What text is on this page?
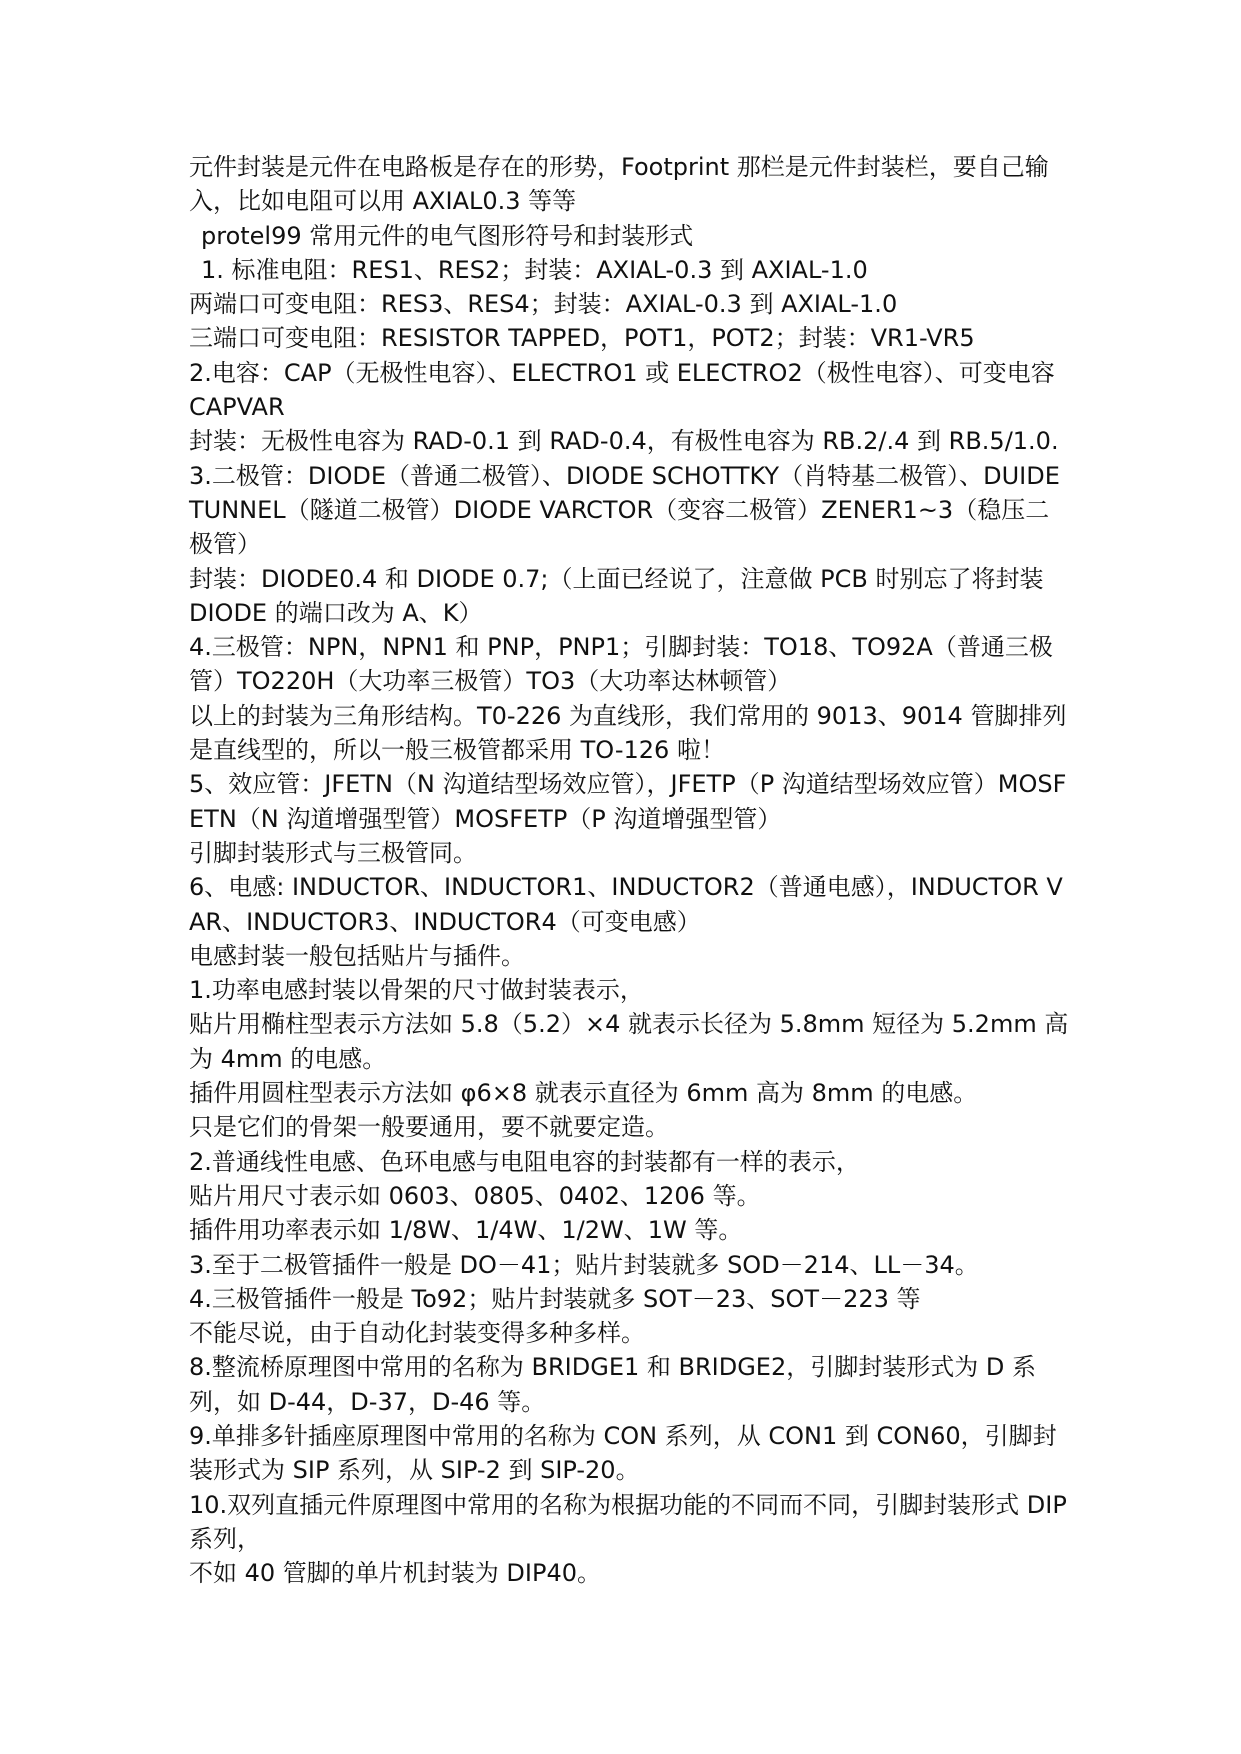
元件封装是元件在电路板是存在的形势，Footprint 那栏是元件封装栏，要自己输入，比如电阻可以用 AXIAL0.3 等等

protel99 常用元件的电气图形符号和封装形式

1. 标准电阻：RES1、RES2；封装：AXIAL-0.3 到 AXIAL-1.0

两端口可变电阻：RES3、RES4；封装：AXIAL-0.3 到 AXIAL-1.0

三端口可变电阻：RESISTOR TAPPED，POT1，POT2；封装：VR1-VR5

2.电容：CAP（无极性电容）、ELECTRO1 或 ELECTRO2（极性电容）、可变电容 CAPVAR

封装：无极性电容为 RAD-0.1 到 RAD-0.4，有极性电容为 RB.2/.4 到 RB.5/1.0.

3.二极管：DIODE（普通二极管）、DIODE SCHOTTKY（肖特基二极管）、DUIDE TUNNEL（隧道二极管）DIODE VARCTOR（变容二极管）ZENER1~3（稳压二极管）

封装：DIODE0.4 和 DIODE 0.7;（上面已经说了，注意做 PCB 时别忘了将封装 DIODE 的端口改为 A、K）

4.三极管：NPN，NPN1 和 PNP，PNP1；引脚封装：TO18、TO92A（普通三极管）TO220H（大功率三极管）TO3（大功率达林顿管）

以上的封装为三角形结构。T0-226 为直线形，我们常用的 9013、9014 管脚排列是直线型的，所以一般三极管都采用 TO-126 啦！

5、效应管：JFETN（N 沟道结型场效应管），JFETP（P 沟道结型场效应管）MOSFETN（N 沟道增强型管）MOSFETP（P 沟道增强型管）

引脚封装形式与三极管同。

6、电感: INDUCTOR、INDUCTOR1、INDUCTOR2（普通电感），INDUCTOR VAR、INDUCTOR3、INDUCTOR4（可变电感）

电感封装一般包括贴片与插件。

1.功率电感封装以骨架的尺寸做封装表示，

贴片用椭柱型表示方法如 5.8（5.2）×4 就表示长径为 5.8mm 短径为 5.2mm 高为 4mm 的电感。

插件用圆柱型表示方法如 φ6×8 就表示直径为 6mm 高为 8mm 的电感。

只是它们的骨架一般要通用，要不就要定造。

2.普通线性电感、色环电感与电阻电容的封装都有一样的表示，

贴片用尺寸表示如 0603、0805、0402、1206 等。

插件用功率表示如 1/8W、1/4W、1/2W、1W 等。

3.至于二极管插件一般是 DO－41；贴片封装就多 SOD－214、LL－34。

4.三极管插件一般是 To92；贴片封装就多 SOT－23、SOT－223 等

不能尽说，由于自动化封装变得多种多样。

8.整流桥原理图中常用的名称为 BRIDGE1 和 BRIDGE2，引脚封装形式为 D 系列，如 D-44，D-37，D-46 等。

9.单排多针插座原理图中常用的名称为 CON 系列，从 CON1 到 CON60，引脚封装形式为 SIP 系列，从 SIP-2 到 SIP-20。

10.双列直插元件原理图中常用的名称为根据功能的不同而不同，引脚封装形式 DIP 系列，

不如 40 管脚的单片机封装为 DIP40。
